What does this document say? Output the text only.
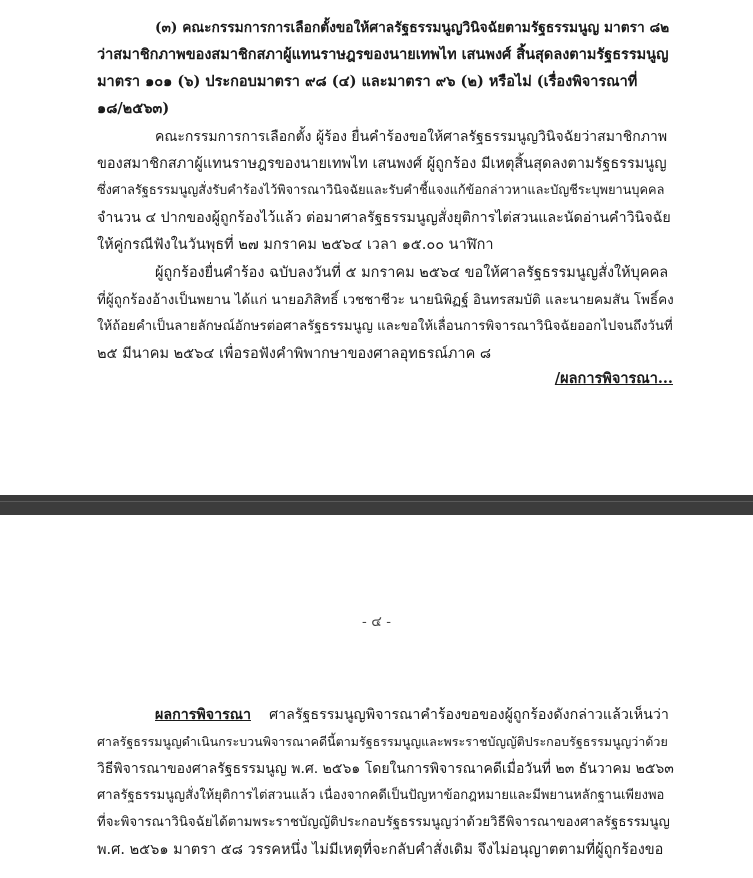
(๓) คณะกรรมการการเลือกตั้งขอให้ศาลรัฐธรรมนูญวินิจฉัยตามรัฐธรรมนูญ มาตรา ๘๒
ว่าสมาชิกภาพของสมาชิกสภาผู้แทนราษฎรของนายเทพไท เสนพงศ์ สิ้นสุดลงตามรัฐธรรมนูญ
มาตรา ๑๐๑ (๖) ประกอบมาตรา ๙๘ (๔) และมาตรา ๙๖ (๒) หรือไม่ (เรื่องพิจารณาที่
๑๘/๒๕๖๓)
คณะกรรมการการเลือกตั้ง ผู้ร้อง ยื่นคำร้องขอให้ศาลรัฐธรรมนูญวินิจฉัยว่าสมาชิกภาพ
ของสมาชิกสภาผู้แทนราษฎรของนายเทพไท เสนพงศ์ ผู้ถูกร้อง มีเหตุสิ้นสุดลงตามรัฐธรรมนูญ
ซึ่งศาลรัฐธรรมนูญสั่งรับคำร้องไว้พิจารณาวินิจฉัยและรับคำชี้แจงแก้ข้อกล่าวหาและบัญชีระบุพยานบุคคล
จำนวน ๔ ปากของผู้ถูกร้องไว้แล้ว ต่อมาศาลรัฐธรรมนูญสั่งยุติการไต่สวนและนัดอ่านคำวินิจฉัย
ให้คู่กรณีฟังในวันพุธที่ ๒๗ มกราคม ๒๕๖๔ เวลา ๑๕.๐๐ นาฬิกา
ผู้ถูกร้องยื่นคำร้อง ฉบับลงวันที่ ๕ มกราคม ๒๕๖๔ ขอให้ศาลรัฐธรรมนูญสั่งให้บุคคล
ที่ผู้ถูกร้องอ้างเป็นพยาน ได้แก่ นายอภิสิทธิ์ เวชชาชีวะ นายนิพิฏฐ์ อินทรสมบัติ และนายคมสัน โพธิ์คง
ให้ถ้อยคำเป็นลายลักษณ์อักษรต่อศาลรัฐธรรมนูญ และขอให้เลื่อนการพิจารณาวินิจฉัยออกไปจนถึงวันที่
๒๕ มีนาคม ๒๕๖๔ เพื่อรอฟังคำพิพากษาของศาลอุทธรณ์ภาค ๘
/ผลการพิจารณา...
- ๔ -
ผลการพิจารณา ศาลรัฐธรรมนูญพิจารณาคำร้องขอของผู้ถูกร้องดังกล่าวแล้วเห็นว่า
ศาลรัฐธรรมนูญดำเนินกระบวนพิจารณาคดีนี้ตามรัฐธรรมนูญและพระราชบัญญัติประกอบรัฐธรรมนูญว่าด้วย
วิธีพิจารณาของศาลรัฐธรรมนูญ พ.ศ. ๒๕๖๑ โดยในการพิจารณาคดีเมื่อวันที่ ๒๓ ธันวาคม ๒๕๖๓
ศาลรัฐธรรมนูญสั่งให้ยุติการไต่สวนแล้ว เนื่องจากคดีเป็นปัญหาข้อกฎหมายและมีพยานหลักฐานเพียงพอ
ที่จะพิจารณาวินิจฉัยได้ตามพระราชบัญญัติประกอบรัฐธรรมนูญว่าด้วยวิธีพิจารณาของศาลรัฐธรรมนูญ
พ.ศ. ๒๕๖๑ มาตรา ๕๘ วรรคหนึ่ง ไม่มีเหตุที่จะกลับคำสั่งเดิม จึงไม่อนุญาตตามที่ผู้ถูกร้องขอ
